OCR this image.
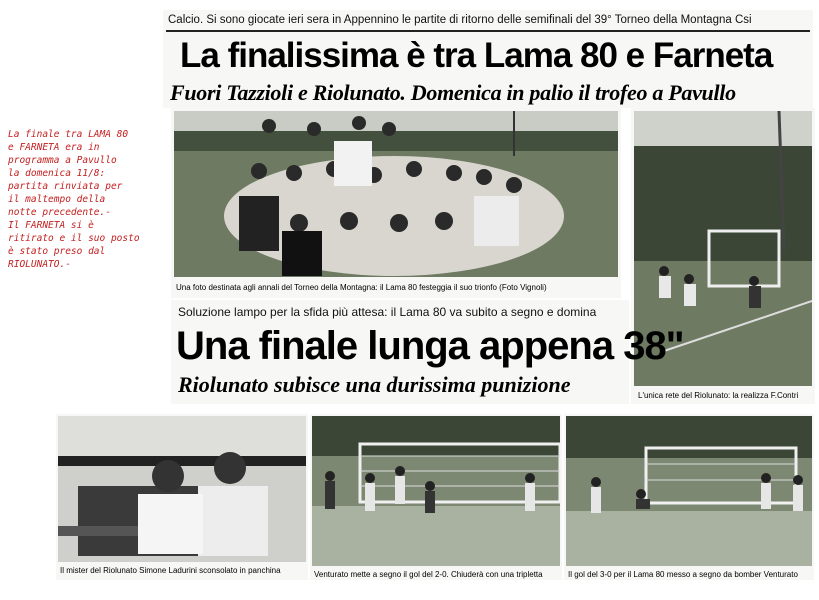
La finale tra LAMA 80
e FARNETA era in
programma a Pavullo
la domenica 11/8:
partita rinviata per
il maltempo della
notte precedente.-
Il FARNETA si è
ritirato e il suo posto
è stato preso dal
RIOLUNATO.-
Calcio. Si sono giocate ieri sera in Appennino le partite di ritorno delle semifinali del 39° Torneo della Montagna Csi
La finalissima è tra Lama 80 e Farneta
Fuori Tazzioli e Riolunato. Domenica in palio il trofeo a Pavullo
Una foto destinata agli annali del Torneo della Montagna: il Lama 80 festeggia il suo trionfo (Foto Vignoli)
L'unica rete del Riolunato: la realizza F.Contri
Soluzione lampo per la sfida più attesa: il Lama 80 va subito a segno e domina
Una finale lunga appena 38"
Riolunato subisce una durissima punizione
Il mister del Riolunato Simone Ladurini sconsolato in panchina	Venturato mette a segno il gol del 2-0. Chiuderà con una tripletta	Il gol del 3-0 per il Lama 80 messo a segno da bomber Venturato
